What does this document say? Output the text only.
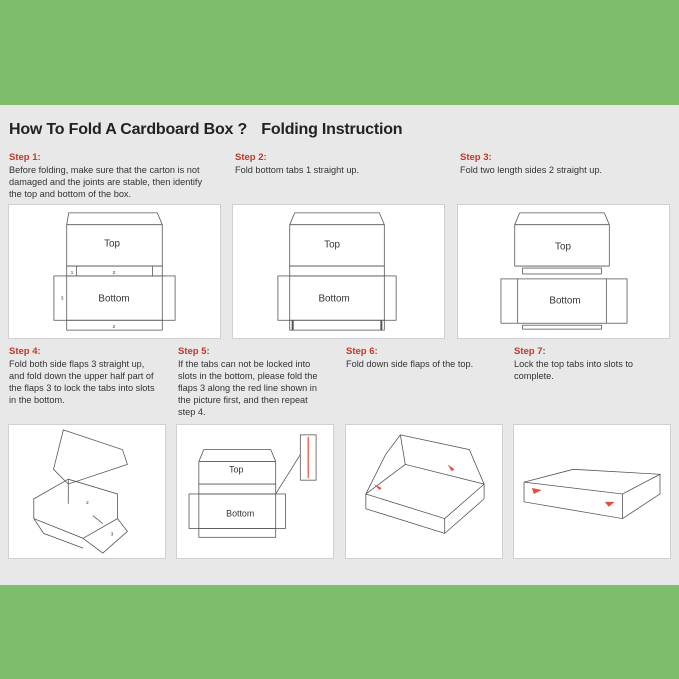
How To Fold A Cardboard Box ? Folding Instruction
Step 1:
Before folding, make sure that the carton is not
damaged and the joints are stable, then identify
the top and bottom of the box.
Step 2:
Fold bottom tabs 1 straight up.
Step 3:
Fold two length sides 2 straight up.
Top
Bottom
2
1
3
2
Top
Bottom
Top
Bottom
Step 4:
Fold both side flaps 3 straight up,
and fold down the upper half part of
the flaps 3 to lock the tabs into slots
in the bottom.
Step 5:
If the tabs can not be locked into
slots in the bottom, please fold the
flaps 3 along the red line shown in
the picture first, and then repeat
step 4.
Step 6:
Fold down side flaps of the top.
Step 7:
Lock the top tabs into slots to
complete.
2
3
Top
Bottom
